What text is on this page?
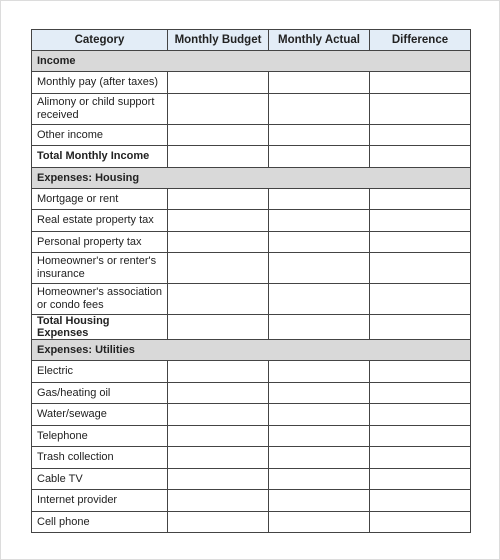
Category	Monthly Budget	Monthly Actual	Difference
Income			
Monthly pay (after taxes)			
Alimony or child support received			
Other income			
Total Monthly Income			
Expenses: Housing			
Mortgage or rent			
Real estate property tax			
Personal property tax			
Homeowner's or renter's insurance			
Homeowner's association or condo fees			
Total Housing Expenses			
Expenses: Utilities			
Electric			
Gas/heating oil			
Water/sewage			
Telephone			
Trash collection			
Cable TV			
Internet provider			
Cell phone			
